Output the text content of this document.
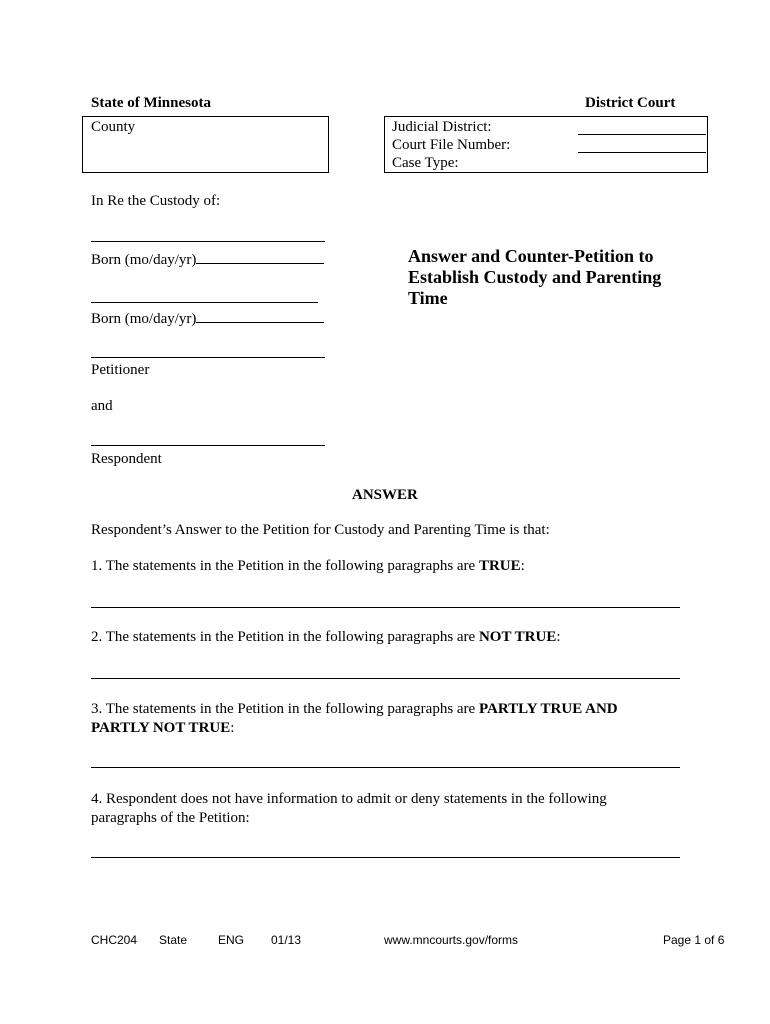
State of Minnesota	District Court
County	Judicial District:
Court File Number:
Case Type:
In Re the Custody of:
Born (mo/day/yr)
Born (mo/day/yr)
Petitioner
and
Respondent
Answer and Counter-Petition to Establish Custody and Parenting Time
ANSWER
Respondent’s Answer to the Petition for Custody and Parenting Time is that:
1. The statements in the Petition in the following paragraphs are TRUE:
2. The statements in the Petition in the following paragraphs are NOT TRUE:
3. The statements in the Petition in the following paragraphs are PARTLY TRUE AND PARTLY NOT TRUE:
4. Respondent does not have information to admit or deny statements in the following paragraphs of the Petition:
CHC204 State	ENG 01/13	www.mncourts.gov/forms	Page 1 of 6
